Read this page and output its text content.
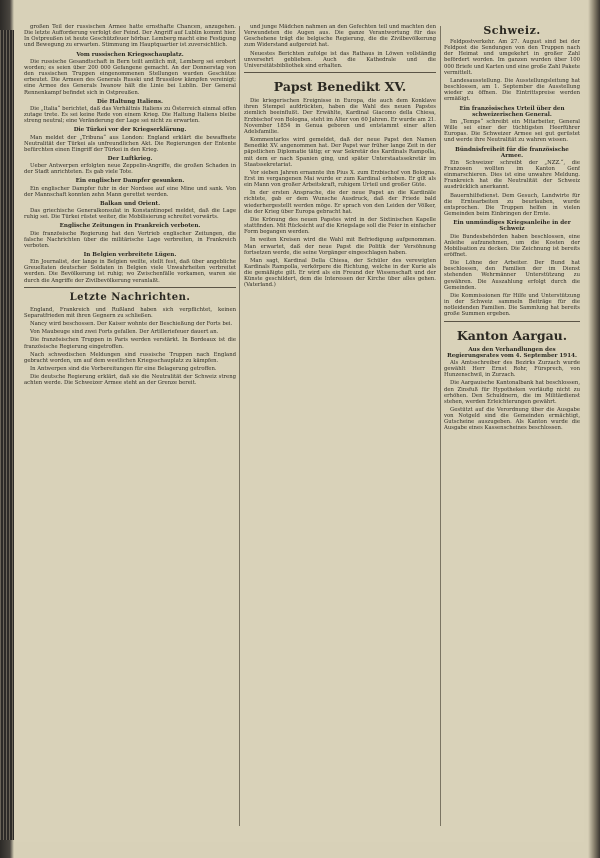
großen Teil der russischen Armee hatte ernsthafte Chancen, anzugehen. Die letzte Aufforderung verfolgt der Feind. Der Angriff auf Lublin kommt hier. In Ostpreußen ist heute Geschützfeuer hörbar. Lemberg macht eine Festigung und Bewegung zu erwarten. Stimmung im Hauptquartier ist zuversichtlich.

Vom russischen Kriegsschauplatz.

Die russische Gesandtschaft in Bern teilt amtlich mit, Lemberg sei erobert worden; es seien über 200 000 Gefangene gemacht. An der Donnerstag von den russischen Truppen eingenommenen Stellungen wurden Geschütze erbeutet. Die Armeen des Generals Russki und Brussilow kämpfen vereinigt; eine Armee des Generals Iwanow hält die Linie bei Lublin. Der General Rennenkampf befindet sich in Ostpreußen.

Die Haltung Italiens.

Die „Italia“ berichtet, daß das Verhältnis Italiens zu Österreich einmal offen zutage trete. Es sei keine Rede von einem Krieg. Die Haltung Italiens bleibe streng neutral; eine Veränderung der Lage sei nicht zu erwarten.

Die Türkei vor der Kriegserklärung.

Man meldet der „Tribuna“ aus London: England erklärt die bewaffnete Neutralität der Türkei als unfreundlichen Akt. Die Regierungen der Entente befürchten einen Eingriff der Türkei in den Krieg.

Der Luftkrieg.

Ueber Antwerpen erfolgten neue Zeppelin-Angriffe, die großen Schaden in der Stadt anrichteten. Es gab viele Tote.

Ein englischer Dampfer gesunken.

Ein englischer Dampfer fuhr in der Nordsee auf eine Mine und sank. Von der Mannschaft konnten zehn Mann gerettet werden.

Balkan und Orient.

Das griechische Generalkonsulat in Konstantinopel meldet, daß die Lage ruhig sei. Die Türkei rüstet weiter, die Mobilisierung schreitet vorwärts.

Englische Zeitungen in Frankreich verboten.

Die französische Regierung hat den Vertrieb englischer Zeitungen, die falsche Nachrichten über die militärische Lage verbreiten, in Frankreich verboten.

In Belgien verbreitete Lügen.

Ein Journalist, der lange in Belgien weilte, stellt fest, daß über angebliche Greueltaten deutscher Soldaten in Belgien viele Unwahrheiten verbreitet werden. Die Bevölkerung ist ruhig; wo Zwischenfälle vorkamen, waren sie durch die Angriffe der Zivilbevölkerung veranlaßt.

Letzte Nachrichten.

England, Frankreich und Rußland haben sich verpflichtet, keinen Separatfrieden mit ihren Gegnern zu schließen.

Nancy wird beschossen. Der Kaiser wohnte der Beschießung der Forts bei.

Von Maubeuge sind zwei Forts gefallen. Der Artilleriefeuer dauert an.

Die französischen Truppen in Paris werden verstärkt. In Bordeaux ist die französische Regierung eingetroffen.

Nach schwedischen Meldungen sind russische Truppen nach England gebracht worden, um auf dem westlichen Kriegsschauplatz zu kämpfen.

In Antwerpen sind die Vorbereitungen für eine Belagerung getroffen.

Die deutsche Regierung erklärt, daß sie die Neutralität der Schweiz streng achten werde. Die Schweizer Armee steht an der Grenze bereit.

und junge Mädchen nahmen an den Gefechten teil und machten den Verwundeten die Augen aus. Die ganze Verantwortung für das Geschehene trägt die belgische Regierung, die die Zivilbevölkerung zum Widerstand aufgereizt hat.

Neuestes Berichten zufolge ist das Rathaus in Löwen vollständig unversehrt geblieben. Auch die Kathedrale und die Universitätsbibliothek sind erhalten.

Papst Benedikt XV.

Die kriegerischen Ereignisse in Europa, die auch dem Konklave ihren Stempel aufdrückten, haben die Wahl des neuen Papstes ziemlich beeinflußt. Der Erwählte, Kardinal Giacomo della Chiesa, Erzbischof von Bologna, steht im Alter von 60 Jahren. Er wurde am 21. November 1854 in Genua geboren und entstammt einer alten Adelsfamilie.

Kommentarlos wird gemeldet, daß der neue Papst den Namen Benedikt XV. angenommen hat. Der Papst war früher lange Zeit in der päpstlichen Diplomatie tätig; er war Sekretär des Kardinals Rampolla, mit dem er nach Spanien ging, und später Unterstaatssekretär im Staatssekretariat.

Vor sieben Jahren ernannte ihn Pius X. zum Erzbischof von Bologna. Erst im vergangenen Mai wurde er zum Kardinal erhoben. Er gilt als ein Mann von großer Arbeitskraft, ruhigem Urteil und großer Güte.

In der ersten Ansprache, die der neue Papst an die Kardinäle richtete, gab er dem Wunsche Ausdruck, daß der Friede bald wiederhergestellt werden möge. Er sprach von den Leiden der Völker, die der Krieg über Europa gebracht hat.

Die Krönung des neuen Papstes wird in der Sixtinischen Kapelle stattfinden. Mit Rücksicht auf die Kriegslage soll die Feier in einfacher Form begangen werden.

In weiten Kreisen wird die Wahl mit Befriedigung aufgenommen. Man erwartet, daß der neue Papst die Politik der Versöhnung fortsetzen werde, die seine Vorgänger eingeschlagen haben.

Man sagt, Kardinal Della Chiesa, der Schüler des verewigten Kardinals Rampolla, verkörpere die Richtung, welche in der Kurie als die gemäßigte gilt. Er wird als ein Freund der Wissenschaft und der Künste geschildert, dem die Interessen der Kirche über alles gehen. (Vaterland.)

Schweiz.

Feldpostverkehr. Am 27. August sind bei der Feldpost die Sendungen von den Truppen nach der Heimat und umgekehrt in großer Zahl befördert worden. Im ganzen wurden über 100 000 Briefe und Karten und eine große Zahl Pakete vermittelt.

Landesausstellung. Die Ausstellungsleitung hat beschlossen, am 1. September die Ausstellung wieder zu öffnen. Die Eintrittspreise werden ermäßigt.

Ein französisches Urteil über den schweizerischen General.

Im „Temps“ schreibt ein Mitarbeiter, General Wille sei einer der tüchtigsten Heerführer Europas. Die Schweizer Armee sei gut gerüstet und werde ihre Neutralität zu wahren wissen.

Bündnisfreiheit für die französische Armee.

Ein Schweizer schreibt der „NZZ.“, die Franzosen wollten im Kanton Genf einmarschieren. Dies ist eine unwahre Meldung. Frankreich hat die Neutralität der Schweiz ausdrücklich anerkannt.

Bauernhilfsdienst. Dem Gesuch, Landwirte für die Erntearbeiten zu beurlauben, wurde entsprochen. Die Truppen helfen in vielen Gemeinden beim Einbringen der Ernte.

Ein unmündiges Kriegsanleihe in der Schweiz

Die Bundesbehörden haben beschlossen, eine Anleihe aufzunehmen, um die Kosten der Mobilisation zu decken. Die Zeichnung ist bereits eröffnet.

Die Löhne der Arbeiter. Der Bund hat beschlossen, den Familien der im Dienst stehenden Wehrmänner Unterstützung zu gewähren. Die Auszahlung erfolgt durch die Gemeinden.

Die Kommissionen für Hilfe und Unterstützung in der Schweiz sammeln Beiträge für die notleidenden Familien. Die Sammlung hat bereits große Summen ergeben.

Kanton Aargau.
Aus den Verhandlungen des Regierungsrates vom 4. September 1914.

Als Amtsschreiber des Bezirks Zurzach wurde gewählt Herr Ernst Rohr, Fürsprech, von Hunzenschwil, in Zurzach.

Die Aargauische Kantonalbank hat beschlossen, den Zinsfuß für Hypotheken vorläufig nicht zu erhöhen. Den Schuldnern, die im Militärdienst stehen, werden Erleichterungen gewährt.

Gestützt auf die Verordnung über die Ausgabe von Notgeld sind die Gemeinden ermächtigt, Gutscheine auszugeben. Als Kanton wurde die Ausgabe eines Kassenscheines beschlossen.
